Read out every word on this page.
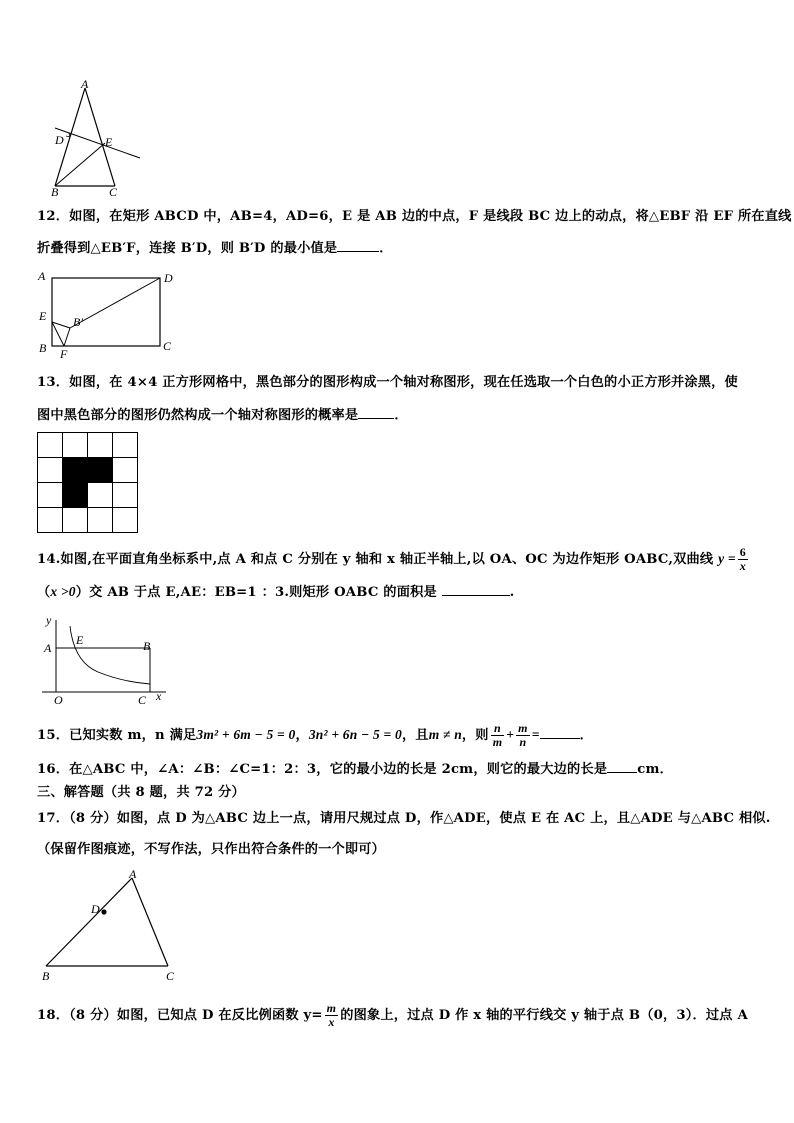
A
D	E
B	C
12．如图，在矩形 ABCD 中，AB=4，AD=6，E 是 AB 边的中点，F 是线段 BC 边上的动点，将△EBF 沿 EF 所在直线
折叠得到△EB′F，连接 B′D，则 B′D 的最小值是	．
A	D
E B′
B F
C
13．如图，在 4×4 正方形网格中，黑色部分的图形构成一个轴对称图形，现在任选取一个白色的小正方形并涂黑，使
图中黑色部分的图形仍然构成一个轴对称图形的概率是	．
14.如图,在平面直角坐标系中,点 A 和点 C 分别在 y 轴和 x 轴正半轴上,以 OA、OC 为边作矩形 OABC,双曲线 $y = \frac{6}{x}$
（x >0）交 AB 于点 E,AE：EB=1 ：3.则矩形 OABC 的面积是	.
y
A
E	B
O	C x
15．已知实数 m，n 满足3m² + 6m − 5 = 0，3n² + 6n − 5 = 0，且m ≠ n，则 $\frac{n}{m} + \frac{m}{n}$ =	．
16．在△ABC 中，∠A：∠B：∠C=1：2：3，它的最小边的长是 2cm，则它的最大边的长是 cm．
三、解答题（共 8 题，共 72 分）
17．（8 分）如图，点 D 为△ABC 边上一点，请用尺规过点 D，作△ADE，使点 E 在 AC 上，且△ADE 与△ABC 相似.
（保留作图痕迹，不写作法，只作出符合条件的一个即可）
A
D
B	C
18．（8 分）如图，已知点 D 在反比例函数 $y= \frac{m}{x}$ 的图象上，过点 D 作 x 轴的平行线交 y 轴于点 B（0，3）．过点 A
